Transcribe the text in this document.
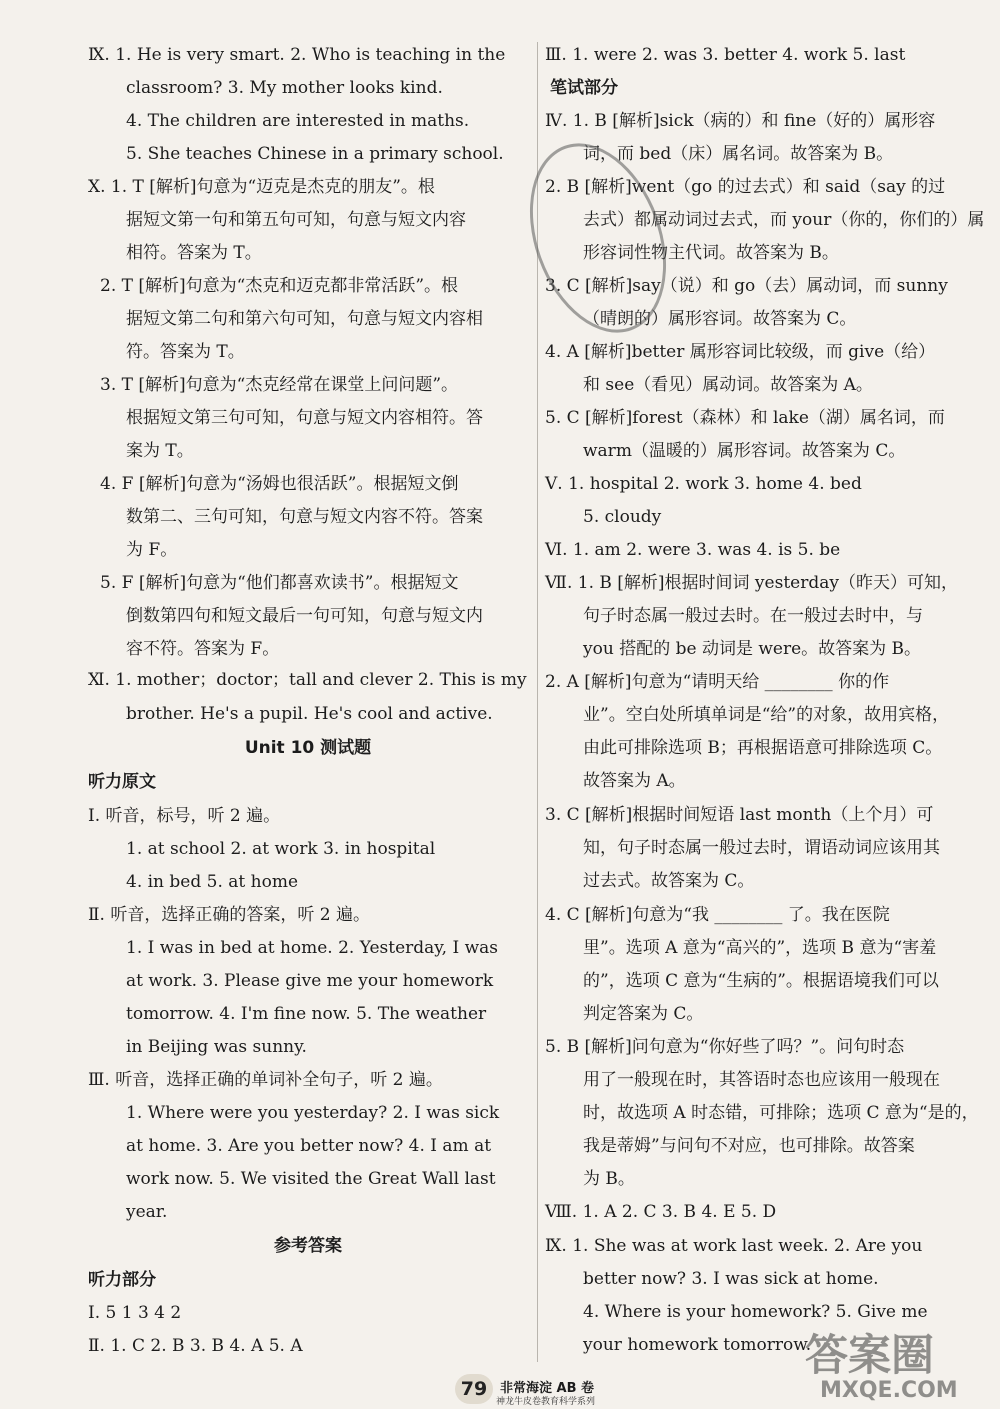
Ⅸ. 1. He is very smart. 2. Who is teaching in the
classroom? 3. My mother looks kind.
4. The children are interested in maths.
5. She teaches Chinese in a primary school.
Ⅹ. 1. T [解析]句意为“迈克是杰克的朋友”。根
据短文第一句和第五句可知，句意与短文内容
相符。答案为 T。
2. T [解析]句意为“杰克和迈克都非常活跃”。根
据短文第二句和第六句可知，句意与短文内容相
符。答案为 T。
3. T [解析]句意为“杰克经常在课堂上问问题”。
根据短文第三句可知，句意与短文内容相符。答
案为 T。
4. F [解析]句意为“汤姆也很活跃”。根据短文倒
数第二、三句可知，句意与短文内容不符。答案
为 F。
5. F [解析]句意为“他们都喜欢读书”。根据短文
倒数第四句和短文最后一句可知，句意与短文内
容不符。答案为 F。
Ⅺ. 1. mother；doctor；tall and clever 2. This is my
brother. He's a pupil. He's cool and active.
Unit 10 测试题
听力原文
Ⅰ. 听音，标号，听 2 遍。
1. at school 2. at work 3. in hospital
4. in bed 5. at home
Ⅱ. 听音，选择正确的答案，听 2 遍。
1. I was in bed at home. 2. Yesterday, I was
at work. 3. Please give me your homework
tomorrow. 4. I'm fine now. 5. The weather
in Beijing was sunny.
Ⅲ. 听音，选择正确的单词补全句子，听 2 遍。
1. Where were you yesterday? 2. I was sick
at home. 3. Are you better now? 4. I am at
work now. 5. We visited the Great Wall last
year.
参考答案
听力部分
Ⅰ. 5 1 3 4 2
Ⅱ. 1. C 2. B 3. B 4. A 5. A
Ⅲ. 1. were 2. was 3. better 4. work 5. last
笔试部分
Ⅳ. 1. B [解析]sick（病的）和 fine（好的）属形容
词，而 bed（床）属名词。故答案为 B。
2. B [解析]went（go 的过去式）和 said（say 的过
去式）都属动词过去式，而 your（你的，你们的）属
形容词性物主代词。故答案为 B。
3. C [解析]say（说）和 go（去）属动词，而 sunny
（晴朗的）属形容词。故答案为 C。
4. A [解析]better 属形容词比较级，而 give（给）
和 see（看见）属动词。故答案为 A。
5. C [解析]forest（森林）和 lake（湖）属名词，而
warm（温暖的）属形容词。故答案为 C。
Ⅴ. 1. hospital 2. work 3. home 4. bed
5. cloudy
Ⅵ. 1. am 2. were 3. was 4. is 5. be
Ⅶ. 1. B [解析]根据时间词 yesterday（昨天）可知，
句子时态属一般过去时。在一般过去时中，与
you 搭配的 be 动词是 were。故答案为 B。
2. A [解析]句意为“请明天给 ________ 你的作
业”。空白处所填单词是“给”的对象，故用宾格，
由此可排除选项 B；再根据语意可排除选项 C。
故答案为 A。
3. C [解析]根据时间短语 last month（上个月）可
知，句子时态属一般过去时，谓语动词应该用其
过去式。故答案为 C。
4. C [解析]句意为“我 ________ 了。我在医院
里”。选项 A 意为“高兴的”，选项 B 意为“害羞
的”，选项 C 意为“生病的”。根据语境我们可以
判定答案为 C。
5. B [解析]问句意为“你好些了吗？”。问句时态
用了一般现在时，其答语时态也应该用一般现在
时，故选项 A 时态错，可排除；选项 C 意为“是的，
我是蒂姆”与问句不对应，也可排除。故答案
为 B。
Ⅷ. 1. A 2. C 3. B 4. E 5. D
Ⅸ. 1. She was at work last week. 2. Are you
better now? 3. I was sick at home.
4. Where is your homework? 5. Give me
your homework tomorrow.
79 非常海淀 AB 卷
神龙牛皮卷教育科学系列
答案圈
MXQE.COM
